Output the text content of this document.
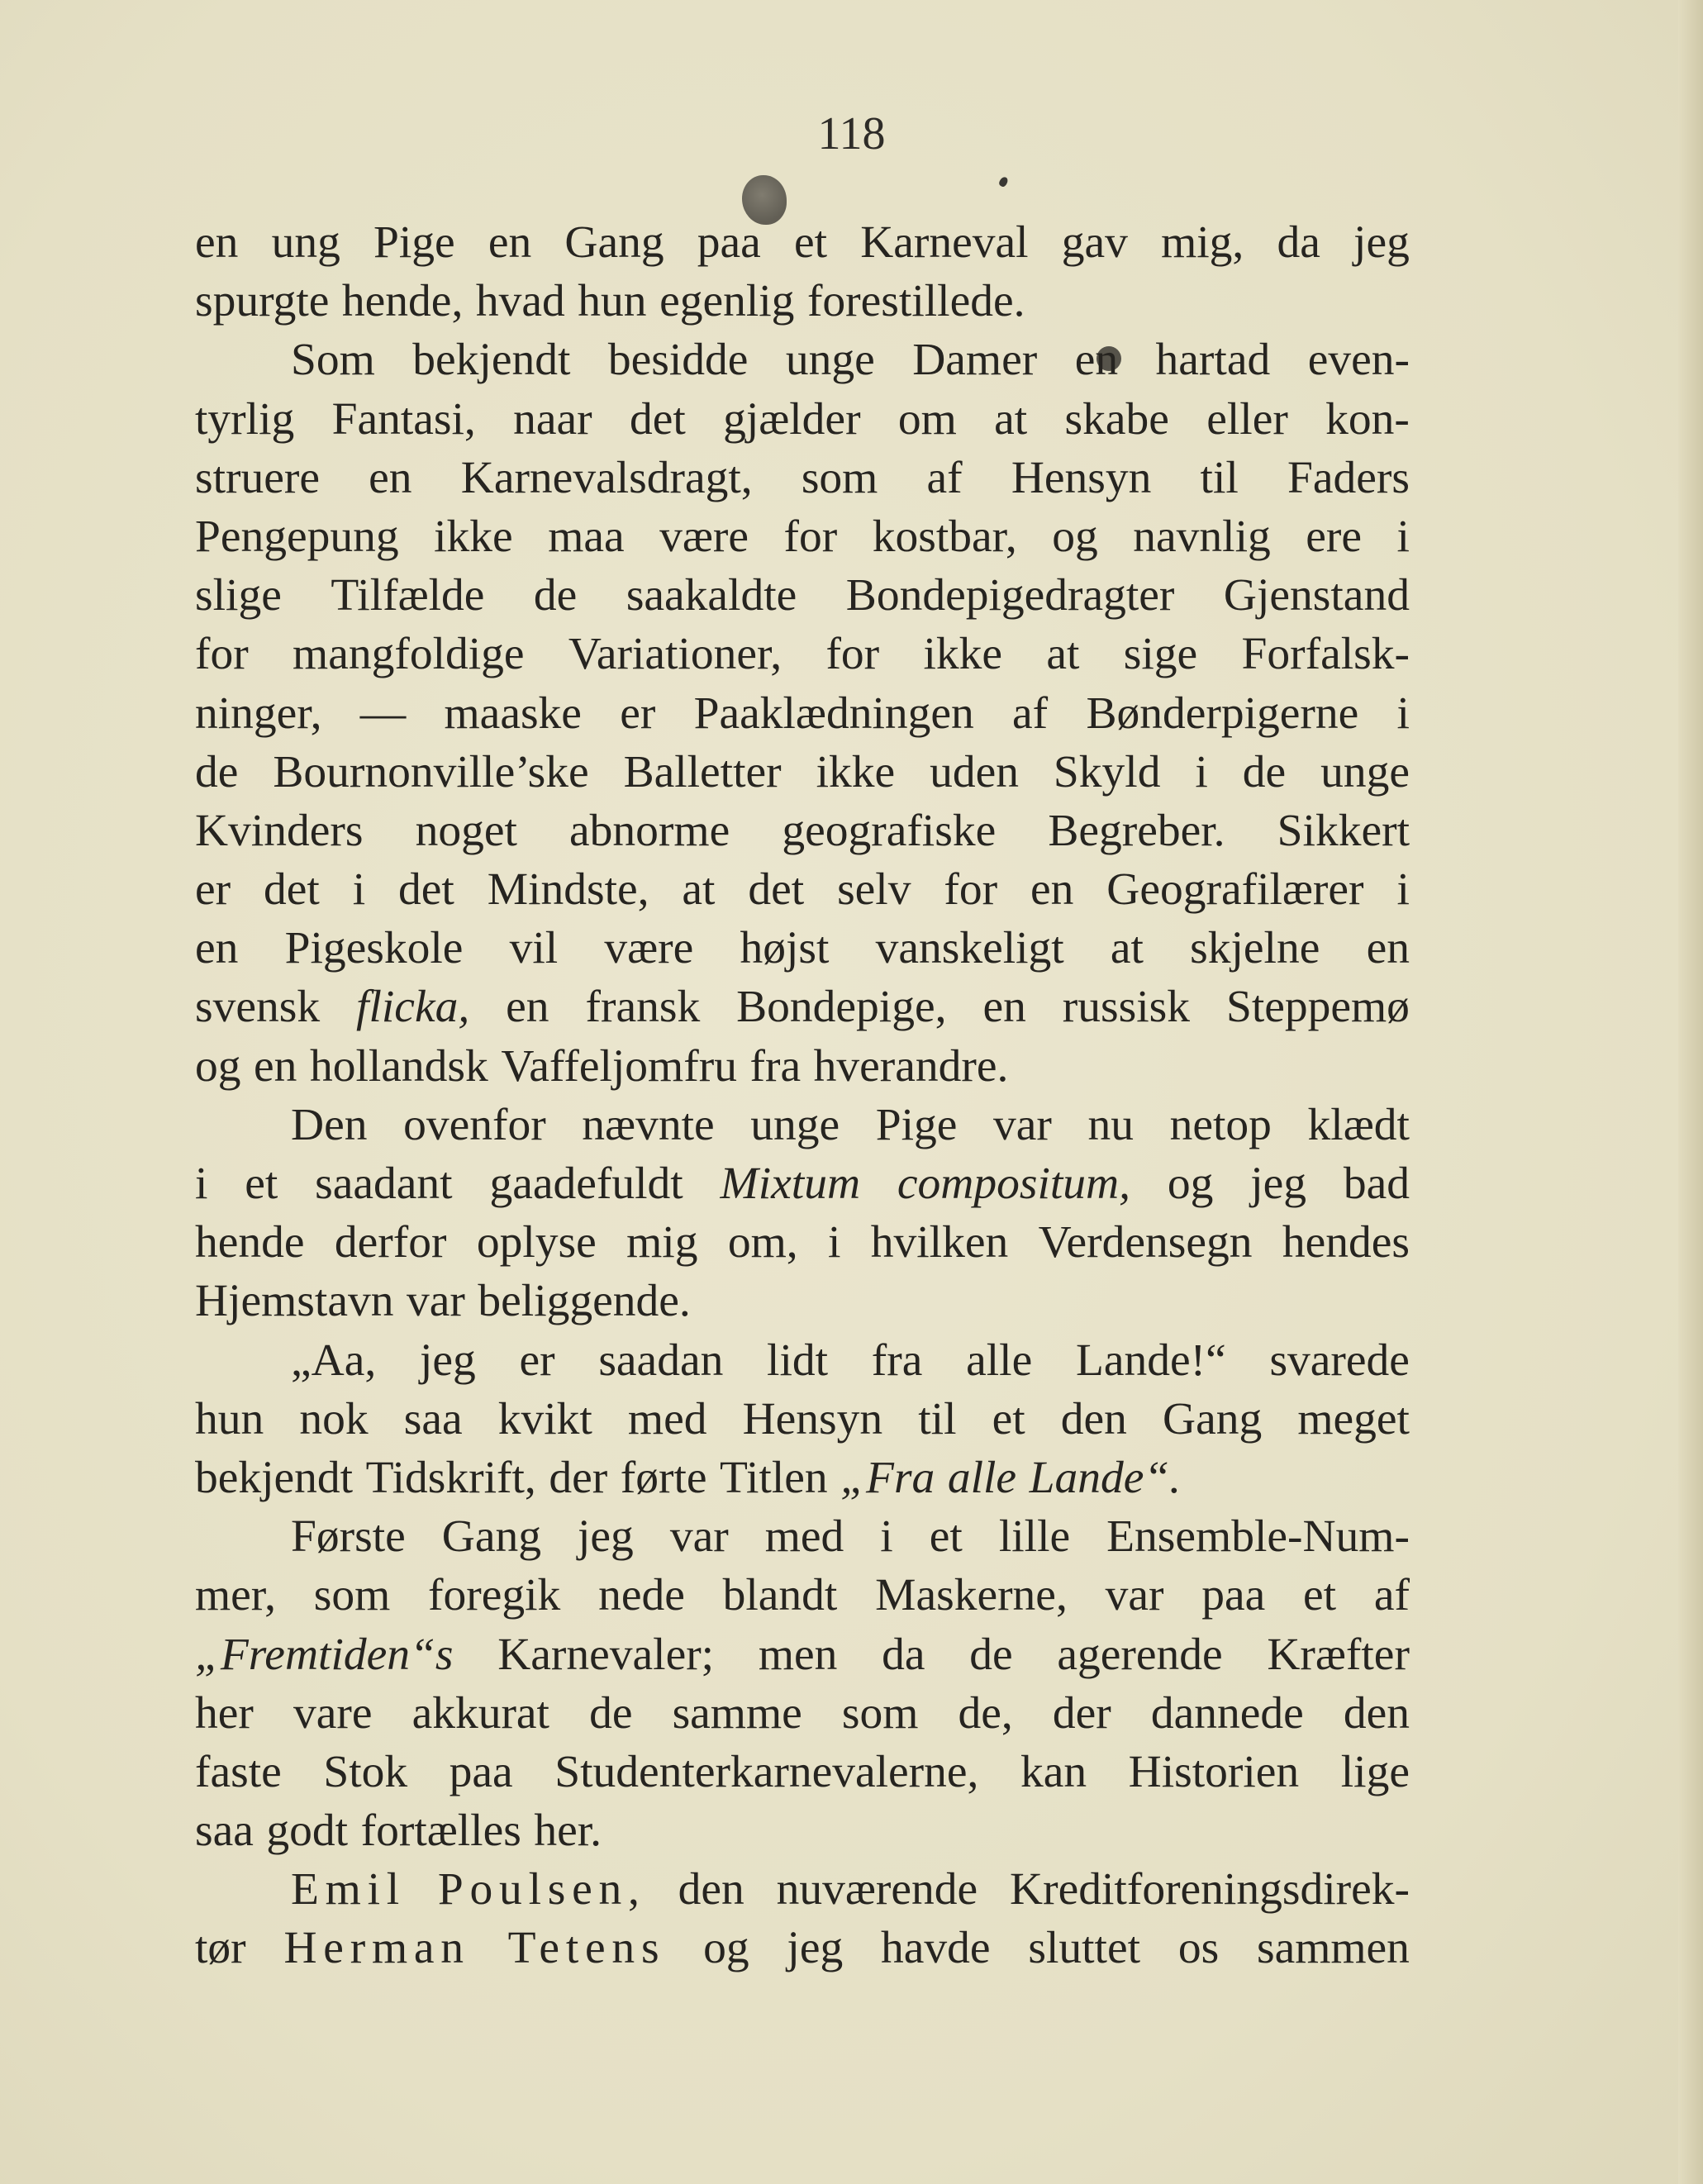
118
en ung Pige en Gang paa et Karneval gav mig, da jeg
spurgte hende, hvad hun egenlig forestillede.
Som bekjendt besidde unge Damer en hartad even-
tyrlig Fantasi, naar det gjælder om at skabe eller kon-
struere en Karnevalsdragt, som af Hensyn til Faders
Pengepung ikke maa være for kostbar, og navnlig ere i
slige Tilfælde de saakaldte Bondepigedragter Gjenstand
for mangfoldige Variationer, for ikke at sige Forfalsk-
ninger, — maaske er Paaklædningen af Bønderpigerne i
de Bournonville’ske Balletter ikke uden Skyld i de unge
Kvinders noget abnorme geografiske Begreber. Sikkert
er det i det Mindste, at det selv for en Geografilærer i
en Pigeskole vil være højst vanskeligt at skjelne en
svensk flicka, en fransk Bondepige, en russisk Steppemø
og en hollandsk Vaffeljomfru fra hverandre.
Den ovenfor nævnte unge Pige var nu netop klædt
i et saadant gaadefuldt Mixtum compositum, og jeg bad
hende derfor oplyse mig om, i hvilken Verdensegn hendes
Hjemstavn var beliggende.
„Aa, jeg er saadan lidt fra alle Lande!“ svarede
hun nok saa kvikt med Hensyn til et den Gang meget
bekjendt Tidskrift, der førte Titlen „Fra alle Lande“.
Første Gang jeg var med i et lille Ensemble-Num-
mer, som foregik nede blandt Maskerne, var paa et af
„Fremtiden“s Karnevaler; men da de agerende Kræfter
her vare akkurat de samme som de, der dannede den
faste Stok paa Studenterkarnevalerne, kan Historien lige
saa godt fortælles her.
Emil Poulsen, den nuværende Kreditforeningsdirek-
tør Herman Tetens og jeg havde sluttet os sammen
